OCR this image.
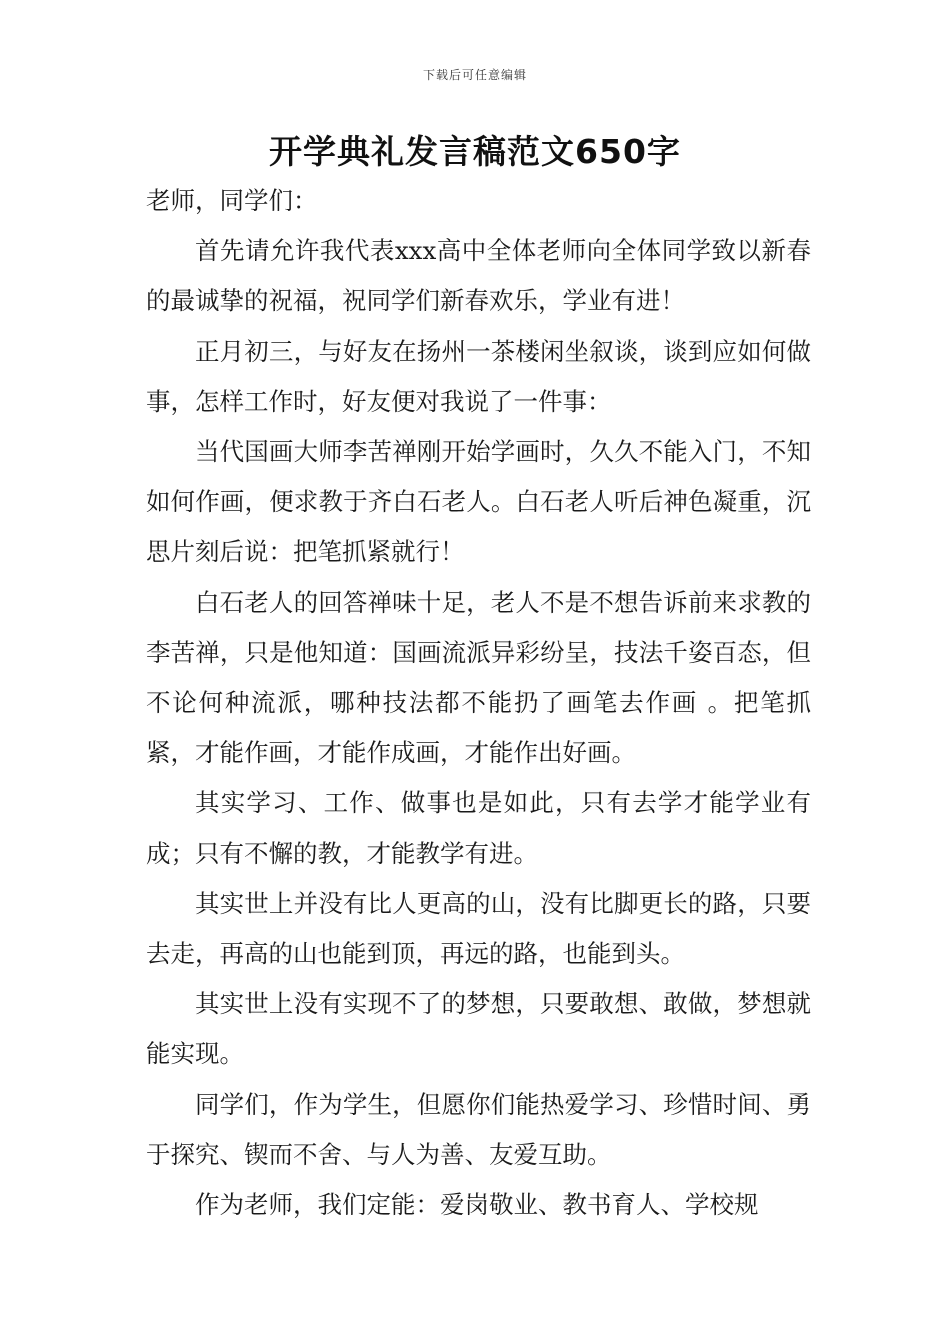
下载后可任意编辑
开学典礼发言稿范文650字

老师，同学们：

首先请允许我代表xxx高中全体老师向全体同学致以新春的最诚挚的祝福，祝同学们新春欢乐，学业有进！

正月初三，与好友在扬州一茶楼闲坐叙谈，谈到应如何做事，怎样工作时，好友便对我说了一件事：

当代国画大师李苦禅刚开始学画时，久久不能入门，不知如何作画，便求教于齐白石老人。白石老人听后神色凝重，沉思片刻后说：把笔抓紧就行！

白石老人的回答禅味十足，老人不是不想告诉前来求教的李苦禅，只是他知道：国画流派异彩纷呈，技法千姿百态，但不论何种流派，哪种技法都不能扔了画笔去作画 。把笔抓紧，才能作画，才能作成画，才能作出好画。

其实学习、工作、做事也是如此，只有去学才能学业有成；只有不懈的教，才能教学有进。

其实世上并没有比人更高的山，没有比脚更长的路，只要去走，再高的山也能到顶，再远的路，也能到头。

其实世上没有实现不了的梦想，只要敢想、敢做，梦想就能实现。

同学们，作为学生，但愿你们能热爱学习、珍惜时间、勇于探究、锲而不舍、与人为善、友爱互助。

作为老师，我们定能：爱岗敬业、教书育人、学校规
